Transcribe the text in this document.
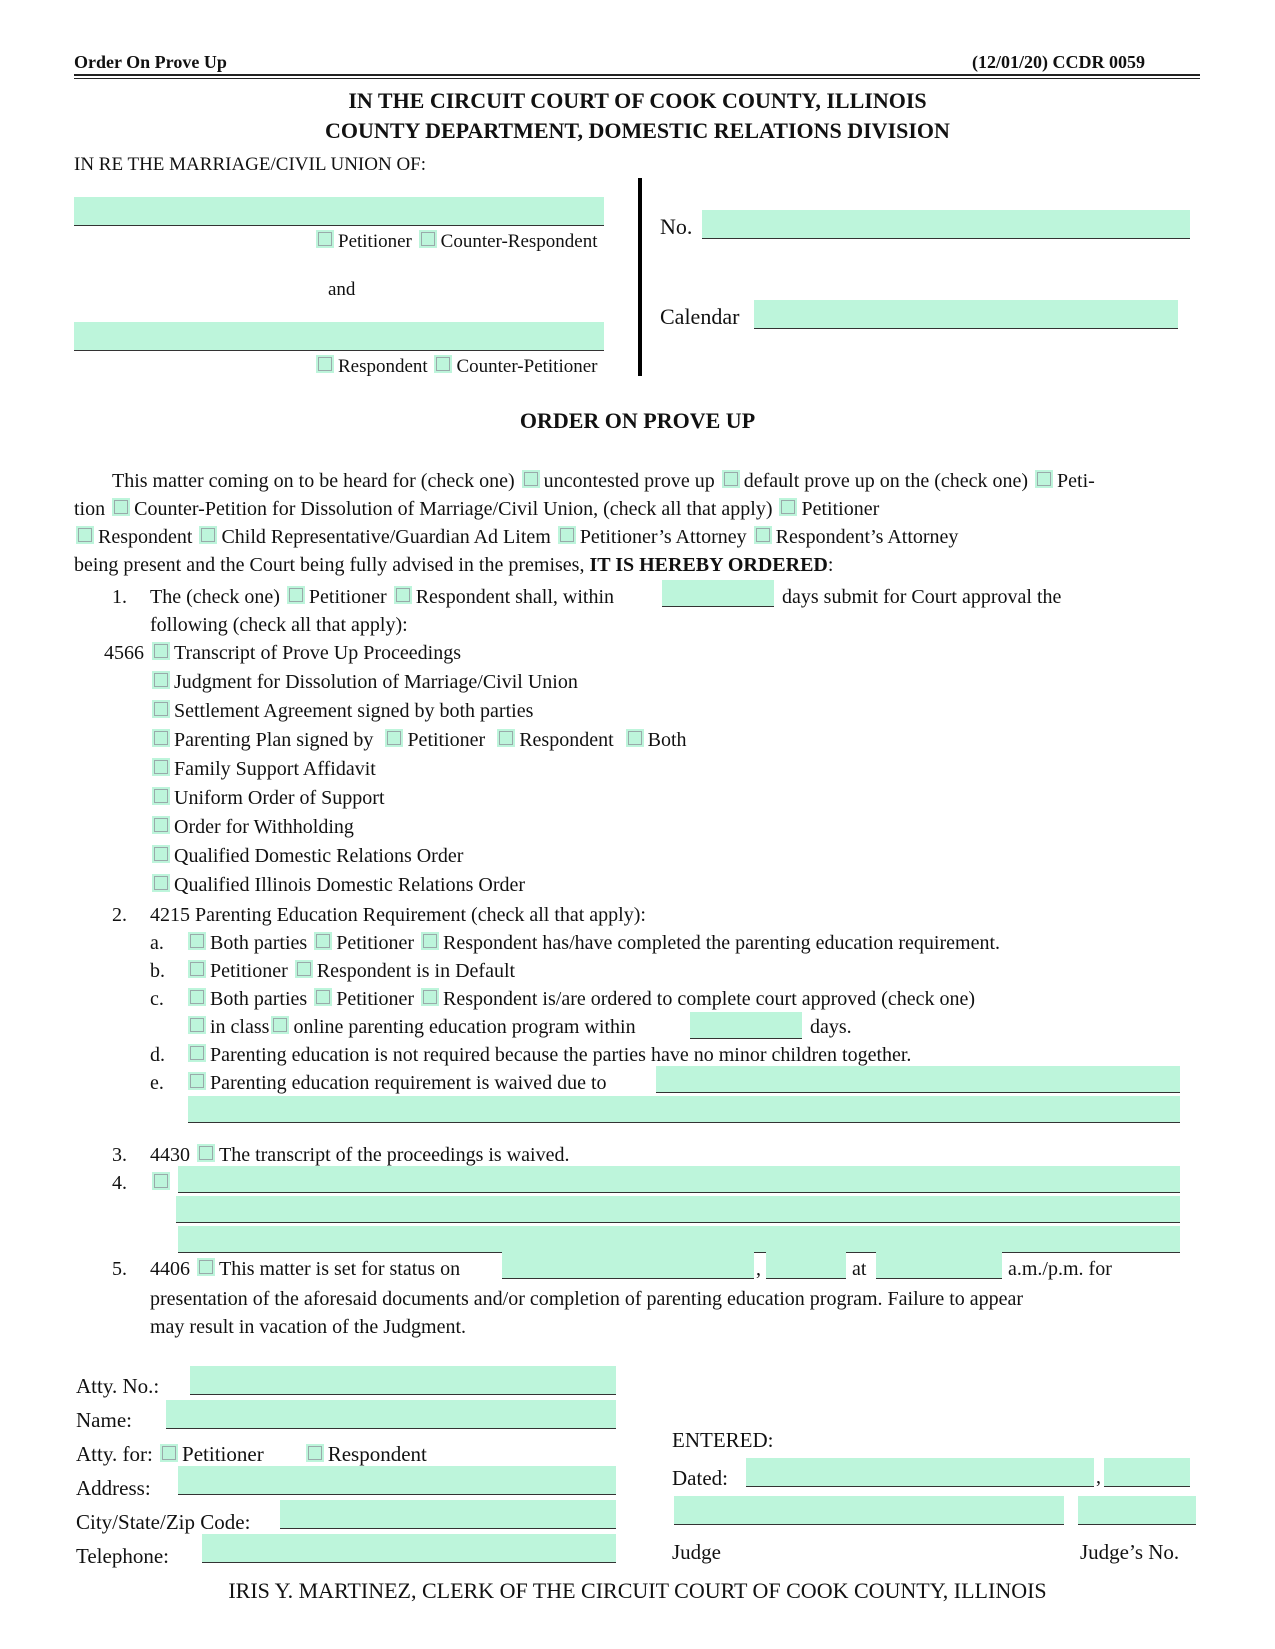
Order On Prove Up	(12/01/20) CCDR 0059
IN THE CIRCUIT COURT OF COOK COUNTY, ILLINOIS
COUNTY DEPARTMENT, DOMESTIC RELATIONS DIVISION
IN RE THE MARRIAGE/CIVIL UNION OF:
Petitioner Counter-Respondent
and
Respondent Counter-Petitioner
No.
Calendar
ORDER ON PROVE UP
This matter coming on to be heard for (check one) uncontested prove up default prove up on the (check one) Peti-
tion Counter-Petition for Dissolution of Marriage/Civil Union, (check all that apply) Petitioner
Respondent Child Representative/Guardian Ad Litem Petitioner’s Attorney Respondent’s Attorney
being present and the Court being fully advised in the premises, IT IS HEREBY ORDERED:
1. The (check one) Petitioner Respondent shall, within	days submit for Court approval the
following (check all that apply):
4566	Transcript of Prove Up Proceedings
Judgment for Dissolution of Marriage/Civil Union
Settlement Agreement signed by both parties
Parenting Plan signed by Petitioner Respondent Both
Family Support Affidavit
Uniform Order of Support
Order for Withholding
Qualified Domestic Relations Order
Qualified Illinois Domestic Relations Order
2. 4215 Parenting Education Requirement (check all that apply):
a.	Both parties Petitioner Respondent has/have completed the parenting education requirement.
b.	Petitioner Respondent is in Default
c.	Both parties Petitioner Respondent is/are ordered to complete court approved (check one)
in class online parenting education program within	days.
d.	Parenting education is not required because the parties have no minor children together.
e.	Parenting education requirement is waived due to
3. 4430 The transcript of the proceedings is waived.
4.
5. 4406 This matter is set for status on	,	at	a.m./p.m. for
presentation of the aforesaid documents and/or completion of parenting education program. Failure to appear
may result in vacation of the Judgment.
Atty. No.:
Name:
Atty. for: Petitioner	Respondent
Address:
City/State/Zip Code:
Telephone:
ENTERED:
Dated:	,
Judge	Judge’s No.
IRIS Y. MARTINEZ, CLERK OF THE CIRCUIT COURT OF COOK COUNTY, ILLINOIS
